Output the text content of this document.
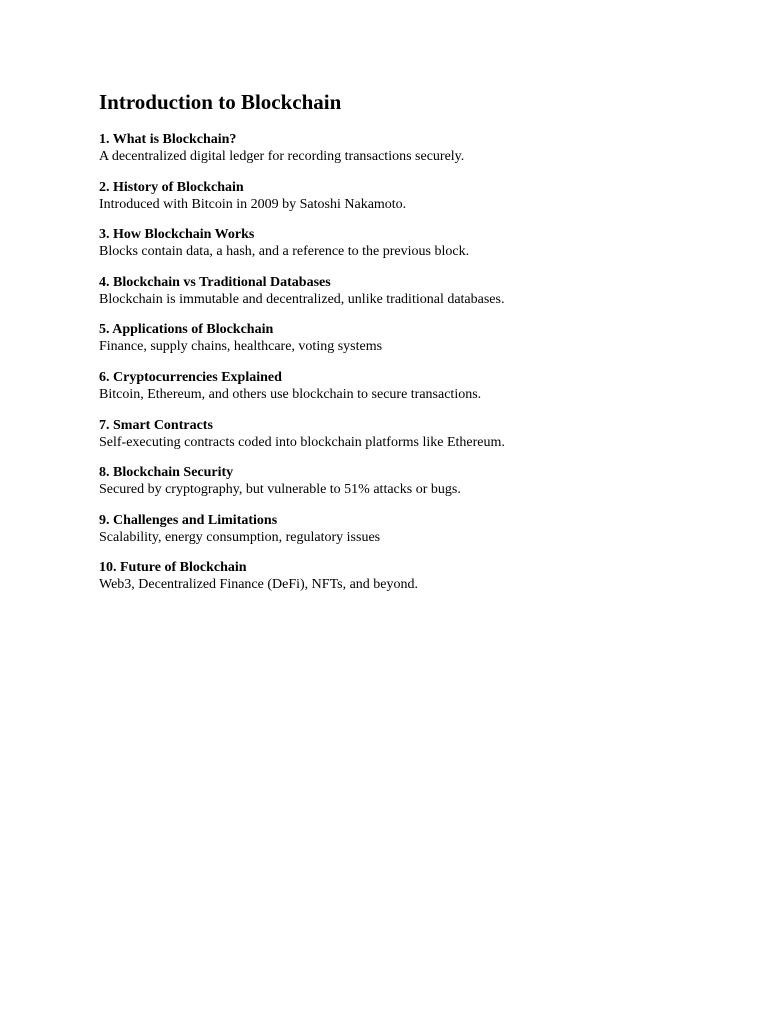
Introduction to Blockchain

1. What is Blockchain?

A decentralized digital ledger for recording transactions securely.

2. History of Blockchain

Introduced with Bitcoin in 2009 by Satoshi Nakamoto.

3. How Blockchain Works

Blocks contain data, a hash, and a reference to the previous block.

4. Blockchain vs Traditional Databases

Blockchain is immutable and decentralized, unlike traditional databases.

5. Applications of Blockchain

Finance, supply chains, healthcare, voting systems

6. Cryptocurrencies Explained

Bitcoin, Ethereum, and others use blockchain to secure transactions.

7. Smart Contracts

Self-executing contracts coded into blockchain platforms like Ethereum.

8. Blockchain Security

Secured by cryptography, but vulnerable to 51% attacks or bugs.

9. Challenges and Limitations

Scalability, energy consumption, regulatory issues

10. Future of Blockchain

Web3, Decentralized Finance (DeFi), NFTs, and beyond.
